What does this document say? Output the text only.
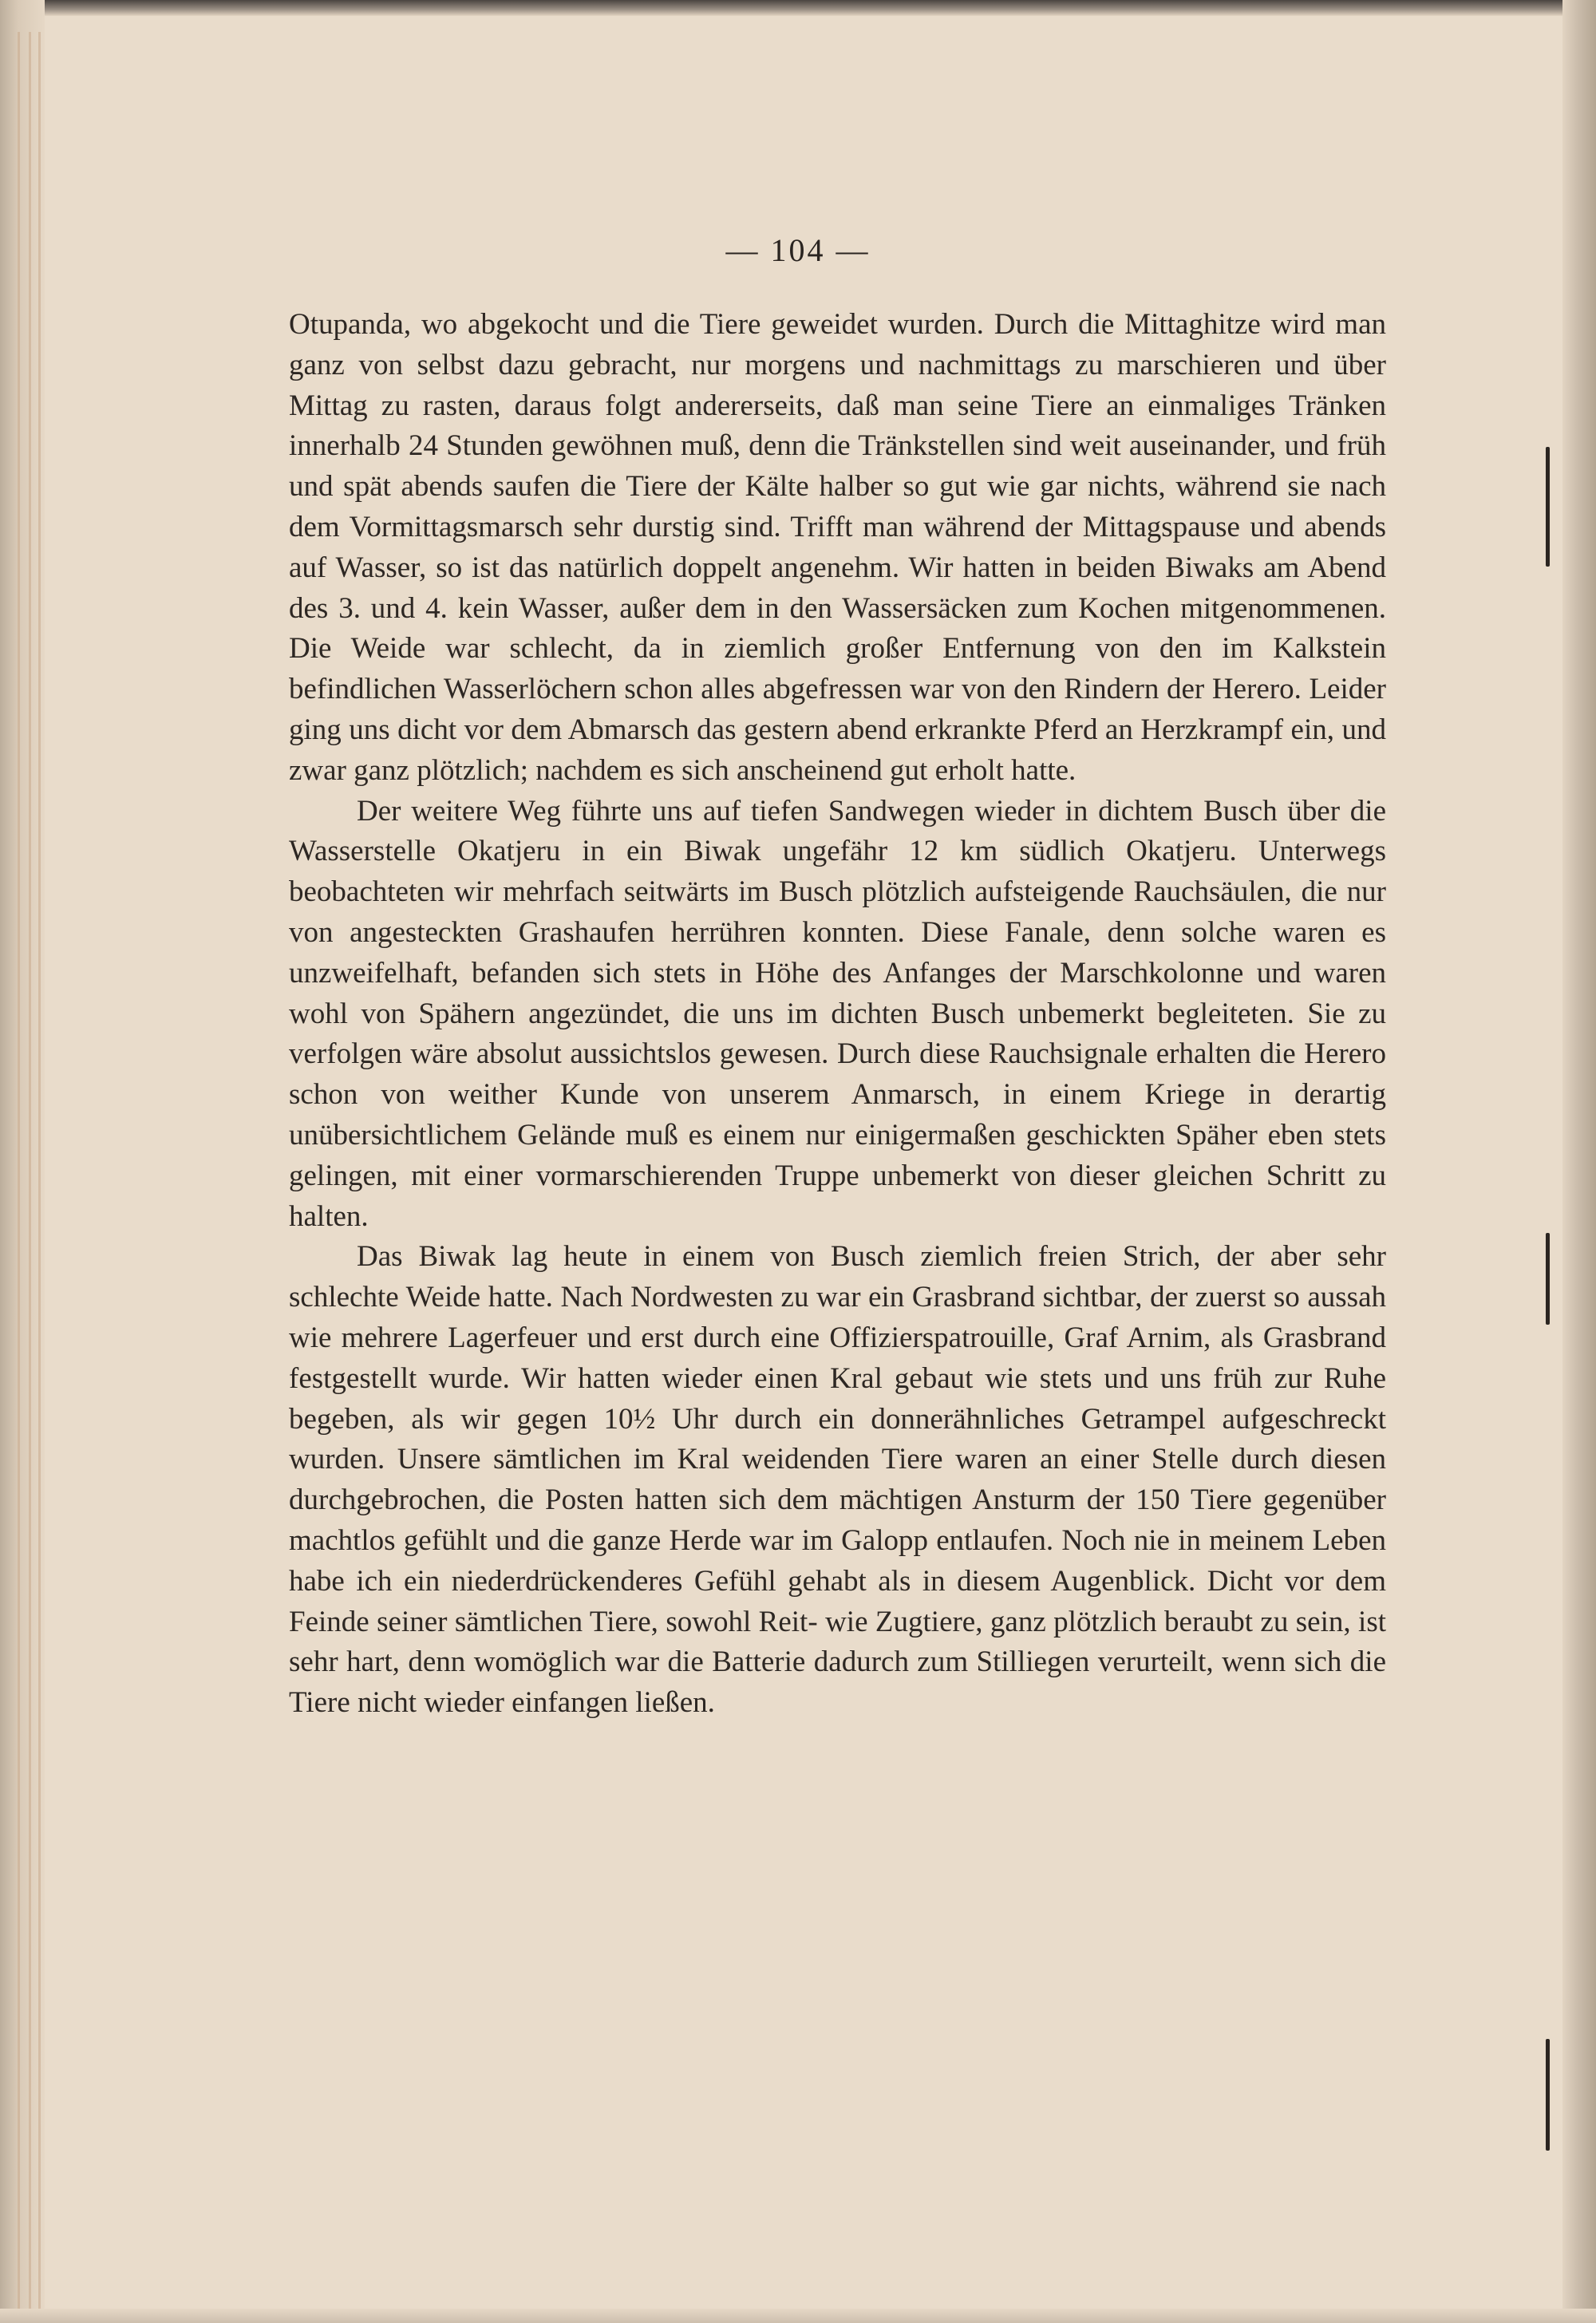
— 104 —

Otupanda, wo abgekocht und die Tiere geweidet wurden. Durch die Mittaghitze wird man ganz von selbst dazu gebracht, nur morgens und nachmittags zu marschieren und über Mittag zu rasten, daraus folgt andererseits, daß man seine Tiere an einmaliges Tränken innerhalb 24 Stunden gewöhnen muß, denn die Tränkstellen sind weit auseinander, und früh und spät abends saufen die Tiere der Kälte halber so gut wie gar nichts, während sie nach dem Vormittagsmarsch sehr durstig sind. Trifft man während der Mittagspause und abends auf Wasser, so ist das natürlich doppelt angenehm. Wir hatten in beiden Biwaks am Abend des 3. und 4. kein Wasser, außer dem in den Wassersäcken zum Kochen mitgenommenen. Die Weide war schlecht, da in ziemlich großer Entfernung von den im Kalkstein befindlichen Wasserlöchern schon alles abgefressen war von den Rindern der Herero. Leider ging uns dicht vor dem Abmarsch das gestern abend erkrankte Pferd an Herzkrampf ein, und zwar ganz plötzlich; nachdem es sich anscheinend gut erholt hatte.

Der weitere Weg führte uns auf tiefen Sandwegen wieder in dichtem Busch über die Wasserstelle Okatjeru in ein Biwak ungefähr 12 km südlich Okatjeru. Unterwegs beobachteten wir mehrfach seitwärts im Busch plötzlich aufsteigende Rauchsäulen, die nur von angesteckten Grashaufen herrühren konnten. Diese Fanale, denn solche waren es unzweifelhaft, befanden sich stets in Höhe des Anfanges der Marschkolonne und waren wohl von Spähern angezündet, die uns im dichten Busch unbemerkt begleiteten. Sie zu verfolgen wäre absolut aussichtslos gewesen. Durch diese Rauchsignale erhalten die Herero schon von weither Kunde von unserem Anmarsch, in einem Kriege in derartig unübersichtlichem Gelände muß es einem nur einigermaßen geschickten Späher eben stets gelingen, mit einer vormarschierenden Truppe unbemerkt von dieser gleichen Schritt zu halten.

Das Biwak lag heute in einem von Busch ziemlich freien Strich, der aber sehr schlechte Weide hatte. Nach Nordwesten zu war ein Grasbrand sichtbar, der zuerst so aussah wie mehrere Lagerfeuer und erst durch eine Offizierspatrouille, Graf Arnim, als Grasbrand festgestellt wurde. Wir hatten wieder einen Kral gebaut wie stets und uns früh zur Ruhe begeben, als wir gegen 10½ Uhr durch ein donnerähnliches Getrampel aufgeschreckt wurden. Unsere sämtlichen im Kral weidenden Tiere waren an einer Stelle durch diesen durchgebrochen, die Posten hatten sich dem mächtigen Ansturm der 150 Tiere gegenüber machtlos gefühlt und die ganze Herde war im Galopp entlaufen. Noch nie in meinem Leben habe ich ein niederdrückenderes Gefühl gehabt als in diesem Augenblick. Dicht vor dem Feinde seiner sämtlichen Tiere, sowohl Reit- wie Zugtiere, ganz plötzlich beraubt zu sein, ist sehr hart, denn womöglich war die Batterie dadurch zum Stilliegen verurteilt, wenn sich die Tiere nicht wieder einfangen ließen.
